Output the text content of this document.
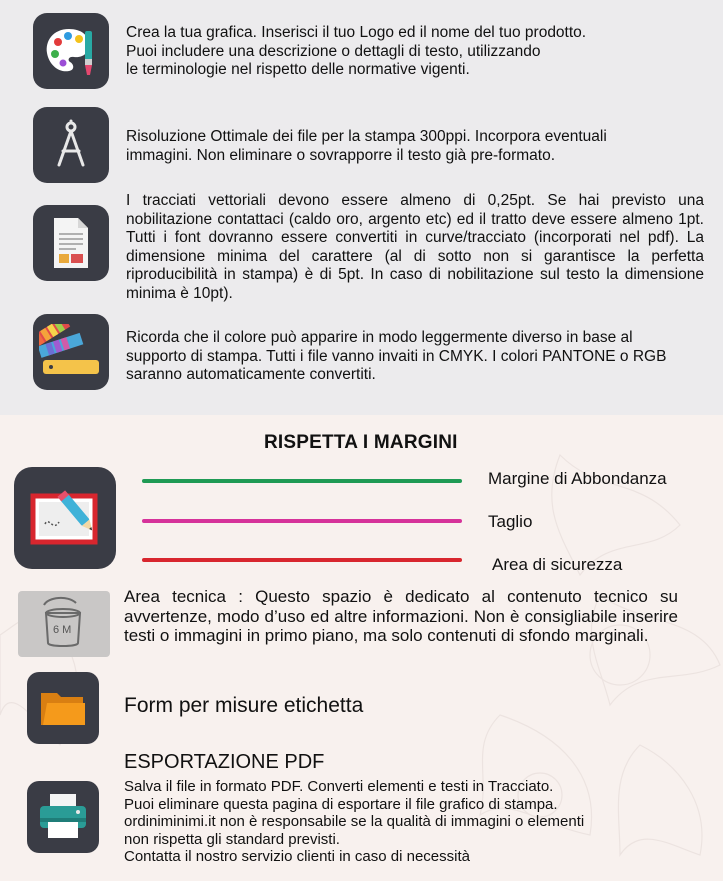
Crea la tua grafica. Inserisci il tuo Logo ed il nome del tuo prodotto.
Puoi includere una descrizione o dettagli di testo, utilizzando
le terminologie nel rispetto delle normative vigenti.
Risoluzione Ottimale dei file per la stampa 300ppi. Incorpora eventuali
immagini. Non eliminare o sovrapporre il testo già pre-formato.
I tracciati vettoriali devono essere almeno di 0,25pt. Se hai previsto una nobilitazione contattaci (caldo oro, argento etc) ed il tratto deve essere almeno 1pt. Tutti i font dovranno essere convertiti in curve/tracciato (incorporati nel pdf). La dimensione minima del carattere (al di sotto non si garantisce la perfetta riproducibilità in stampa) è di 5pt. In caso di nobilitazione sul testo la dimensione minima è 10pt).
Ricorda che il colore può apparire in modo leggermente diverso in base al
supporto di stampa. Tutti i file vanno invaiti in CMYK. I colori PANTONE o RGB
saranno automaticamente convertiti.
RISPETTA I MARGINI
Margine di Abbondanza
Taglio
Area di sicurezza
6 M
Area tecnica : Questo spazio è dedicato al contenuto tecnico su avvertenze, modo d’uso ed altre informazioni. Non è consigliabile inserire testi o immagini in primo piano, ma solo contenuti di sfondo marginali.
Form per misure etichetta
ESPORTAZIONE PDF
Salva il file in formato PDF. Converti elementi e testi in Tracciato.
Puoi eliminare questa pagina di esportare il file grafico di stampa.
ordiniminimi.it non è responsabile se la qualità di immagini o elementi
non rispetta gli standard previsti.
Contatta il nostro servizio clienti in caso di necessità
